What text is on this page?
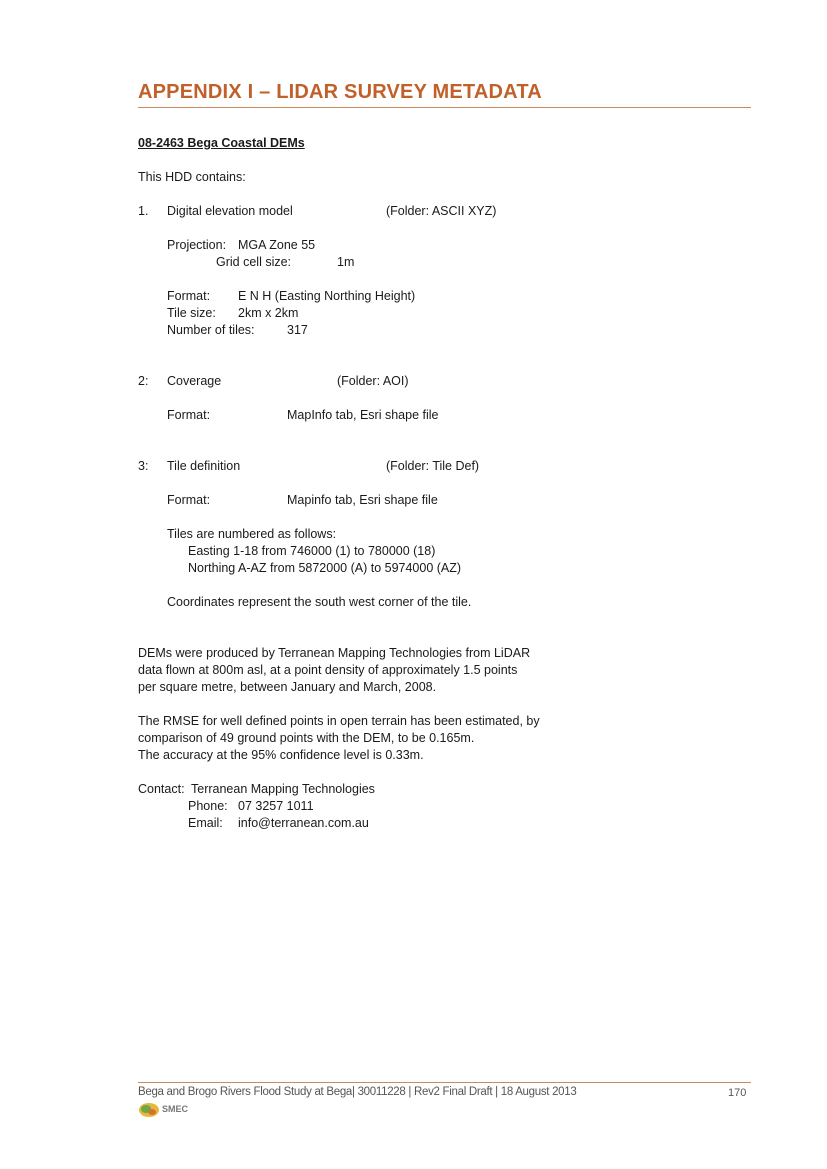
APPENDIX I – LIDAR SURVEY METADATA
08-2463 Bega Coastal DEMs
This HDD contains:
1. Digital elevation model	(Folder: ASCII XYZ)
Projection: MGA Zone 55
Grid cell size:	1m
Format: E N H (Easting Northing Height)
Tile size: 2km x 2km
Number of tiles:	317
2: Coverage	(Folder: AOI)
Format:	MapInfo tab, Esri shape file
3: Tile definition	(Folder: Tile Def)
Format:	Mapinfo tab, Esri shape file
Tiles are numbered as follows:
Easting 1-18 from 746000 (1) to 780000 (18)
Northing A-AZ from 5872000 (A) to 5974000 (AZ)
Coordinates represent the south west corner of the tile.
DEMs were produced by Terranean Mapping Technologies from LiDAR
data flown at 800m asl, at a point density of approximately 1.5 points
per square metre, between January and March, 2008.
The RMSE for well defined points in open terrain has been estimated, by
comparison of 49 ground points with the DEM, to be 0.165m.
The accuracy at the 95% confidence level is 0.33m.
Contact: Terranean Mapping Technologies
Phone: 07 3257 1011
Email: info@terranean.com.au
Bega and Brogo Rivers Flood Study at Bega| 30011228 | Rev2 Final Draft | 18 August 2013	170
SMEC
